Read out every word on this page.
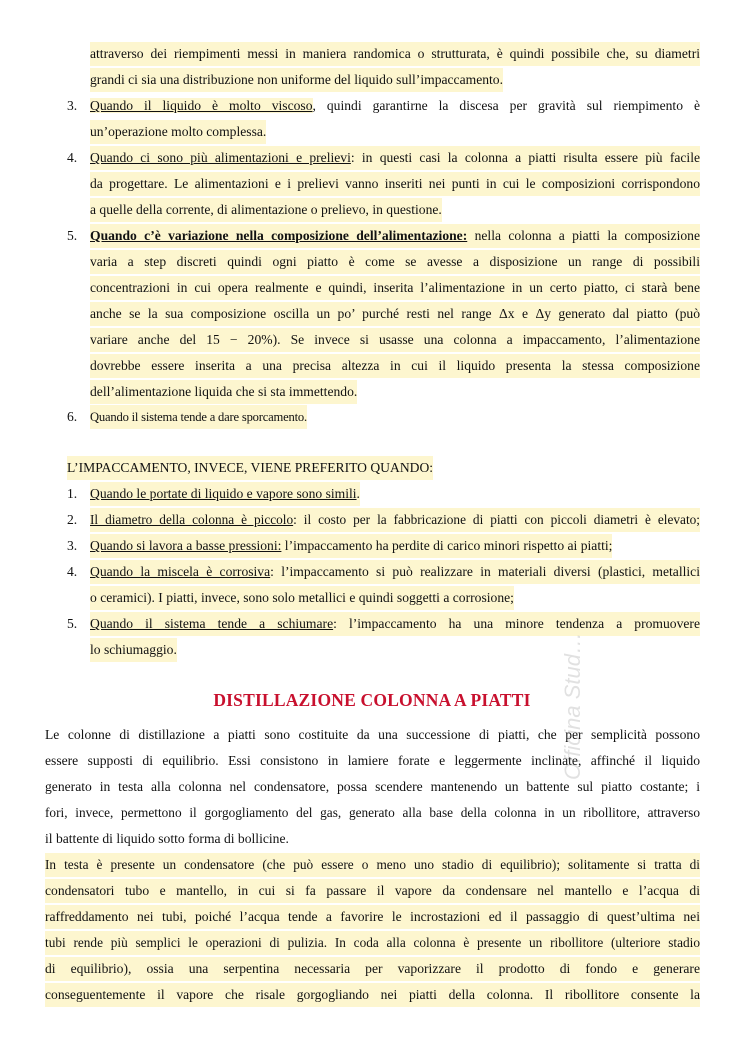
attraverso dei riempimenti messi in maniera randomica o strutturata, è quindi possibile che, su diametri
grandi ci sia una distribuzione non uniforme del liquido sull’impaccamento.
3. Quando il liquido è molto viscoso, quindi garantirne la discesa per gravità sul riempimento è
un’operazione molto complessa.
4. Quando ci sono più alimentazioni e prelievi: in questi casi la colonna a piatti risulta essere più facile
da progettare. Le alimentazioni e i prelievi vanno inseriti nei punti in cui le composizioni corrispondono
a quelle della corrente, di alimentazione o prelievo, in questione.
5. Quando c’è variazione nella composizione dell’alimentazione: nella colonna a piatti la composizione
varia a step discreti quindi ogni piatto è come se avesse a disposizione un range di possibili
concentrazioni in cui opera realmente e quindi, inserita l’alimentazione in un certo piatto, ci starà bene
anche se la sua composizione oscilla un po’ purché resti nel range Δx e Δy generato dal piatto (può
variare anche del 15 − 20%). Se invece si usasse una colonna a impaccamento, l’alimentazione
dovrebbe essere inserita a una precisa altezza in cui il liquido presenta la stessa composizione
dell’alimentazione liquida che si sta immettendo.
6. Quando il sistema tende a dare sporcamento.
L’IMPACCAMENTO, INVECE, VIENE PREFERITO QUANDO:
1. Quando le portate di liquido e vapore sono simili.
2. Il diametro della colonna è piccolo: il costo per la fabbricazione di piatti con piccoli diametri è elevato;
3. Quando si lavora a basse pressioni: l’impaccamento ha perdite di carico minori rispetto ai piatti;
4. Quando la miscela è corrosiva: l’impaccamento si può realizzare in materiali diversi (plastici, metallici
o ceramici). I piatti, invece, sono solo metallici e quindi soggetti a corrosione;
5. Quando il sistema tende a schiumare: l’impaccamento ha una minore tendenza a promuovere
lo schiumaggio.
DISTILLAZIONE COLONNA A PIATTI
Le colonne di distillazione a piatti sono costituite da una successione di piatti, che per semplicità possono
essere supposti di equilibrio. Essi consistono in lamiere forate e leggermente inclinate, affinché il liquido
generato in testa alla colonna nel condensatore, possa scendere mantenendo un battente sul piatto costante; i
fori, invece, permettono il gorgogliamento del gas, generato alla base della colonna in un ribollitore, attraverso
il battente di liquido sotto forma di bollicine.
In testa è presente un condensatore (che può essere o meno uno stadio di equilibrio); solitamente si tratta di
condensatori tubo e mantello, in cui si fa passare il vapore da condensare nel mantello e l’acqua di
raffreddamento nei tubi, poiché l’acqua tende a favorire le incrostazioni ed il passaggio di quest’ultima nei
tubi rende più semplici le operazioni di pulizia. In coda alla colonna è presente un ribollitore (ulteriore stadio
di equilibrio), ossia una serpentina necessaria per vaporizzare il prodotto di fondo e generare
conseguentemente il vapore che risale gorgogliando nei piatti della colonna. Il ribollitore consente la
Officina Stud…
